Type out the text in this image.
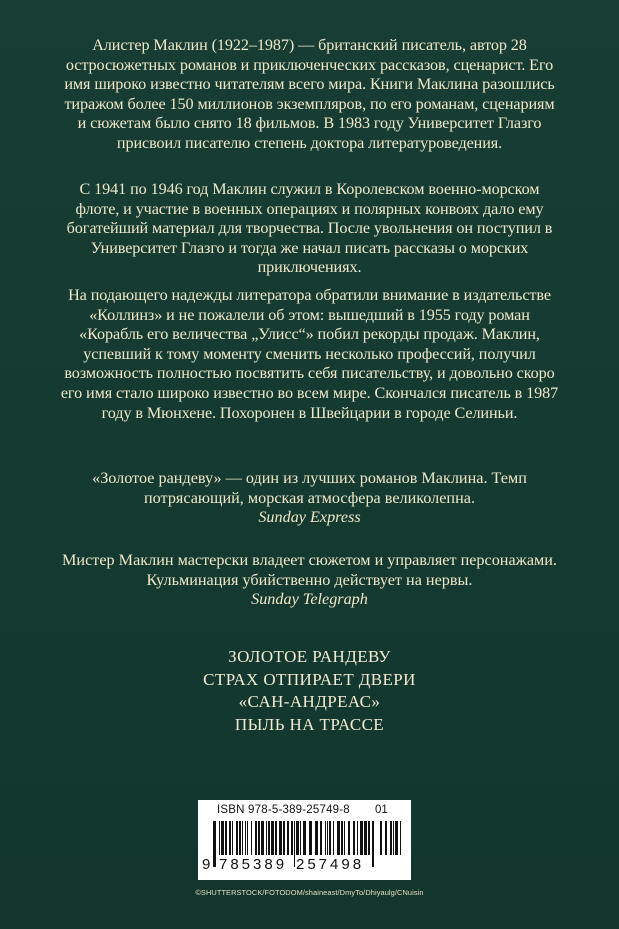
Алистер Маклин (1922–1987) — британский писатель, автор 28 остросюжетных романов и приключенческих рассказов, сценарист. Его имя широко известно читателям всего мира. Книги Маклина разошлись тиражом более 150 миллионов экземпляров, по его романам, сценариям и сюжетам было снято 18 фильмов. В 1983 году Университет Глазго присвоил писателю степень доктора литературоведения.
С 1941 по 1946 год Маклин служил в Королевском военно-морском флоте, и участие в военных операциях и полярных конвоях дало ему богатейший материал для творчества. После увольнения он поступил в Университет Глазго и тогда же начал писать рассказы о морских приключениях.
На подающего надежды литератора обратили внимание в издательстве «Коллинз» и не пожалели об этом: вышедший в 1955 году роман «Корабль его величества „Улисс“» побил рекорды продаж. Маклин, успевший к тому моменту сменить несколько профессий, получил возможность полностью посвятить себя писательству, и довольно скоро его имя стало широко известно во всем мире. Скончался писатель в 1987 году в Мюнхене. Похоронен в Швейцарии в городе Селиньи.
«Золотое рандеву» — один из лучших романов Маклина. Темп потрясающий, морская атмосфера великолепна.
Sunday Express
Мистер Маклин мастерски владеет сюжетом и управляет персонажами. Кульминация убийственно действует на нервы.
Sunday Telegraph
ЗОЛОТОЕ РАНДЕВУ
СТРАХ ОТПИРАЕТ ДВЕРИ
«САН-АНДРЕАС»
ПЫЛЬ НА ТРАССЕ
ISBN 978-5-389-25749-8 01
9 785389 257498
©SHUTTERSTOCK/FOTODOM/shaineast/DmyTo/Dhiyaulg/CNuisin
